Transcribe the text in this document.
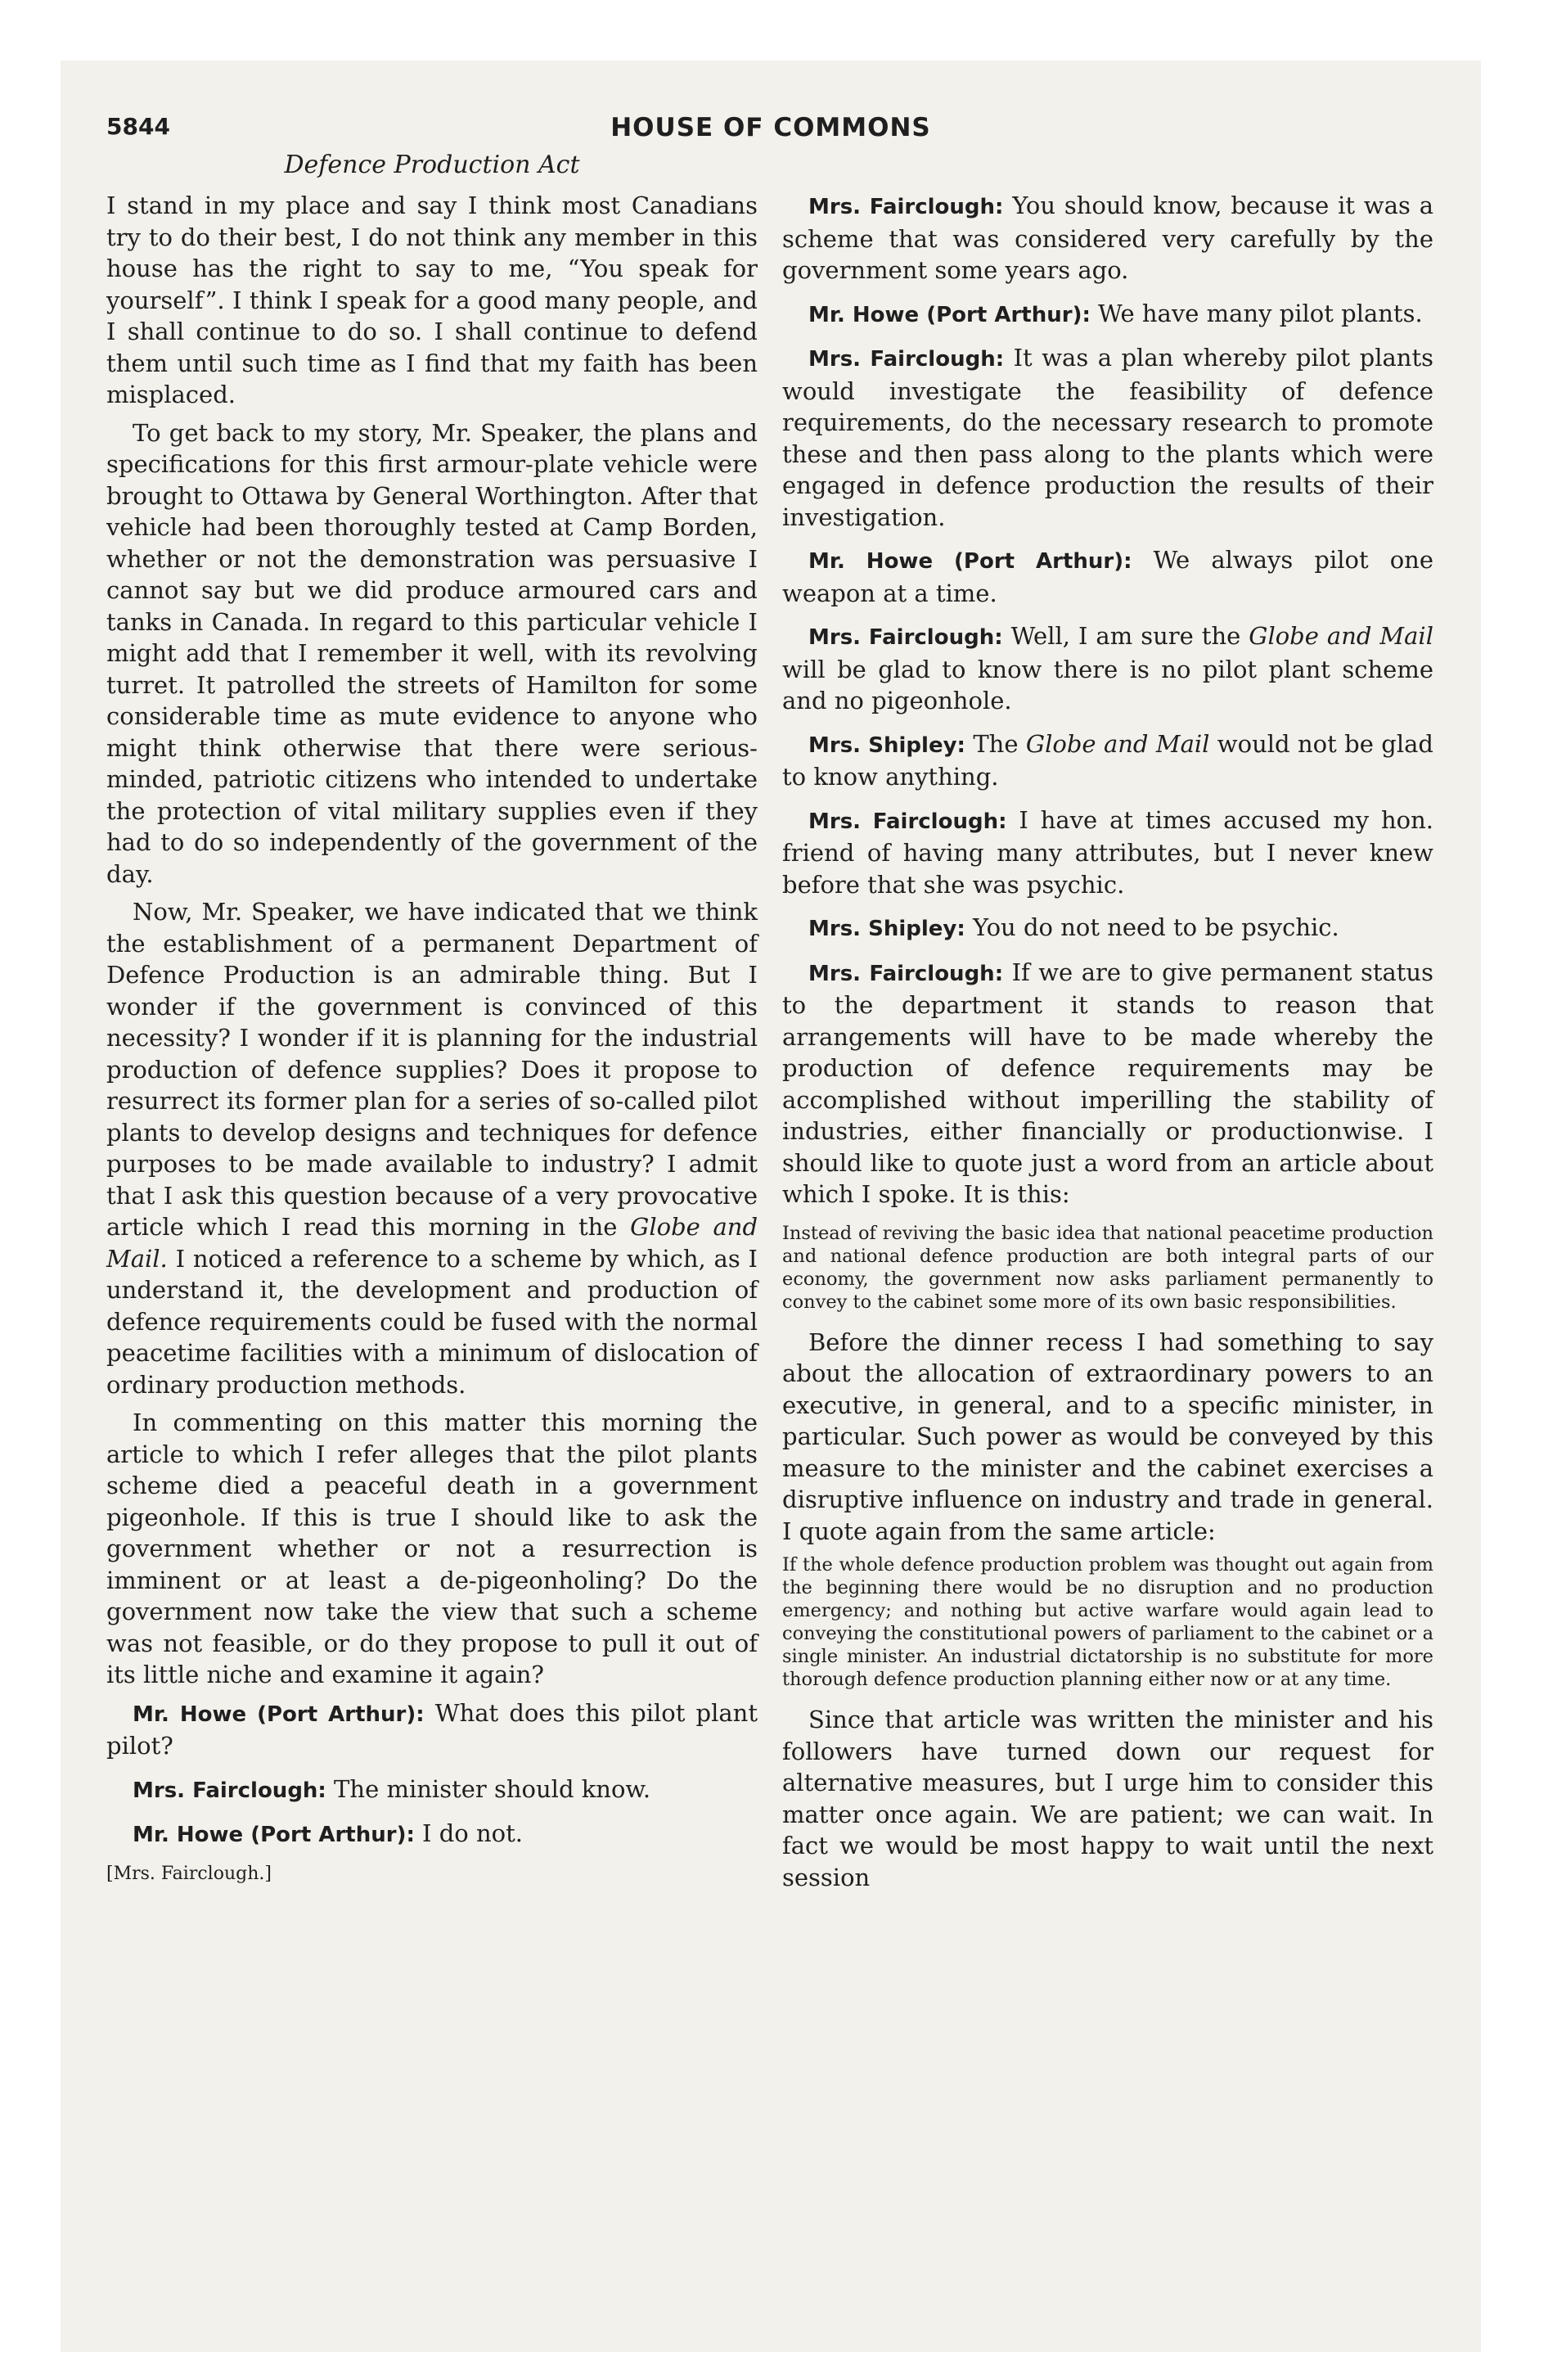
5844	HOUSE OF COMMONS
Defence Production Act

I stand in my place and say I think most Canadians try to do their best, I do not think any member in this house has the right to say to me, “You speak for yourself”. I think I speak for a good many people, and I shall continue to do so. I shall continue to defend them until such time as I find that my faith has been misplaced.

To get back to my story, Mr. Speaker, the plans and specifications for this first armour-plate vehicle were brought to Ottawa by General Worthington. After that vehicle had been thoroughly tested at Camp Borden, whether or not the demonstration was persuasive I cannot say but we did produce armoured cars and tanks in Canada. In regard to this particular vehicle I might add that I remember it well, with its revolving turret. It patrolled the streets of Hamilton for some considerable time as mute evidence to anyone who might think otherwise that there were serious-minded, patriotic citizens who intended to undertake the protection of vital military supplies even if they had to do so independently of the government of the day.

Now, Mr. Speaker, we have indicated that we think the establishment of a permanent Department of Defence Production is an admirable thing. But I wonder if the government is convinced of this necessity? I wonder if it is planning for the industrial production of defence supplies? Does it propose to resurrect its former plan for a series of so-called pilot plants to develop designs and techniques for defence purposes to be made available to industry? I admit that I ask this question because of a very provocative article which I read this morning in the Globe and Mail. I noticed a reference to a scheme by which, as I understand it, the development and production of defence requirements could be fused with the normal peacetime facilities with a minimum of dislocation of ordinary production methods.

In commenting on this matter this morning the article to which I refer alleges that the pilot plants scheme died a peaceful death in a government pigeonhole. If this is true I should like to ask the government whether or not a resurrection is imminent or at least a de-pigeonholing? Do the government now take the view that such a scheme was not feasible, or do they propose to pull it out of its little niche and examine it again?

Mr. Howe (Port Arthur): What does this pilot plant pilot?

Mrs. Fairclough: The minister should know.

Mr. Howe (Port Arthur): I do not.

[Mrs. Fairclough.]

Mrs. Fairclough: You should know, because it was a scheme that was considered very carefully by the government some years ago.

Mr. Howe (Port Arthur): We have many pilot plants.

Mrs. Fairclough: It was a plan whereby pilot plants would investigate the feasibility of defence requirements, do the necessary research to promote these and then pass along to the plants which were engaged in defence production the results of their investigation.

Mr. Howe (Port Arthur): We always pilot one weapon at a time.

Mrs. Fairclough: Well, I am sure the Globe and Mail will be glad to know there is no pilot plant scheme and no pigeonhole.

Mrs. Shipley: The Globe and Mail would not be glad to know anything.

Mrs. Fairclough: I have at times accused my hon. friend of having many attributes, but I never knew before that she was psychic.

Mrs. Shipley: You do not need to be psychic.

Mrs. Fairclough: If we are to give permanent status to the department it stands to reason that arrangements will have to be made whereby the production of defence requirements may be accomplished without imperilling the stability of industries, either financially or productionwise. I should like to quote just a word from an article about which I spoke. It is this:

Instead of reviving the basic idea that national peacetime production and national defence production are both integral parts of our economy, the government now asks parliament permanently to convey to the cabinet some more of its own basic responsibilities.

Before the dinner recess I had something to say about the allocation of extraordinary powers to an executive, in general, and to a specific minister, in particular. Such power as would be conveyed by this measure to the minister and the cabinet exercises a disruptive influence on industry and trade in general. I quote again from the same article:

If the whole defence production problem was thought out again from the beginning there would be no disruption and no production emergency; and nothing but active warfare would again lead to conveying the constitutional powers of parliament to the cabinet or a single minister. An industrial dictatorship is no substitute for more thorough defence production planning either now or at any time.

Since that article was written the minister and his followers have turned down our request for alternative measures, but I urge him to consider this matter once again. We are patient; we can wait. In fact we would be most happy to wait until the next session
